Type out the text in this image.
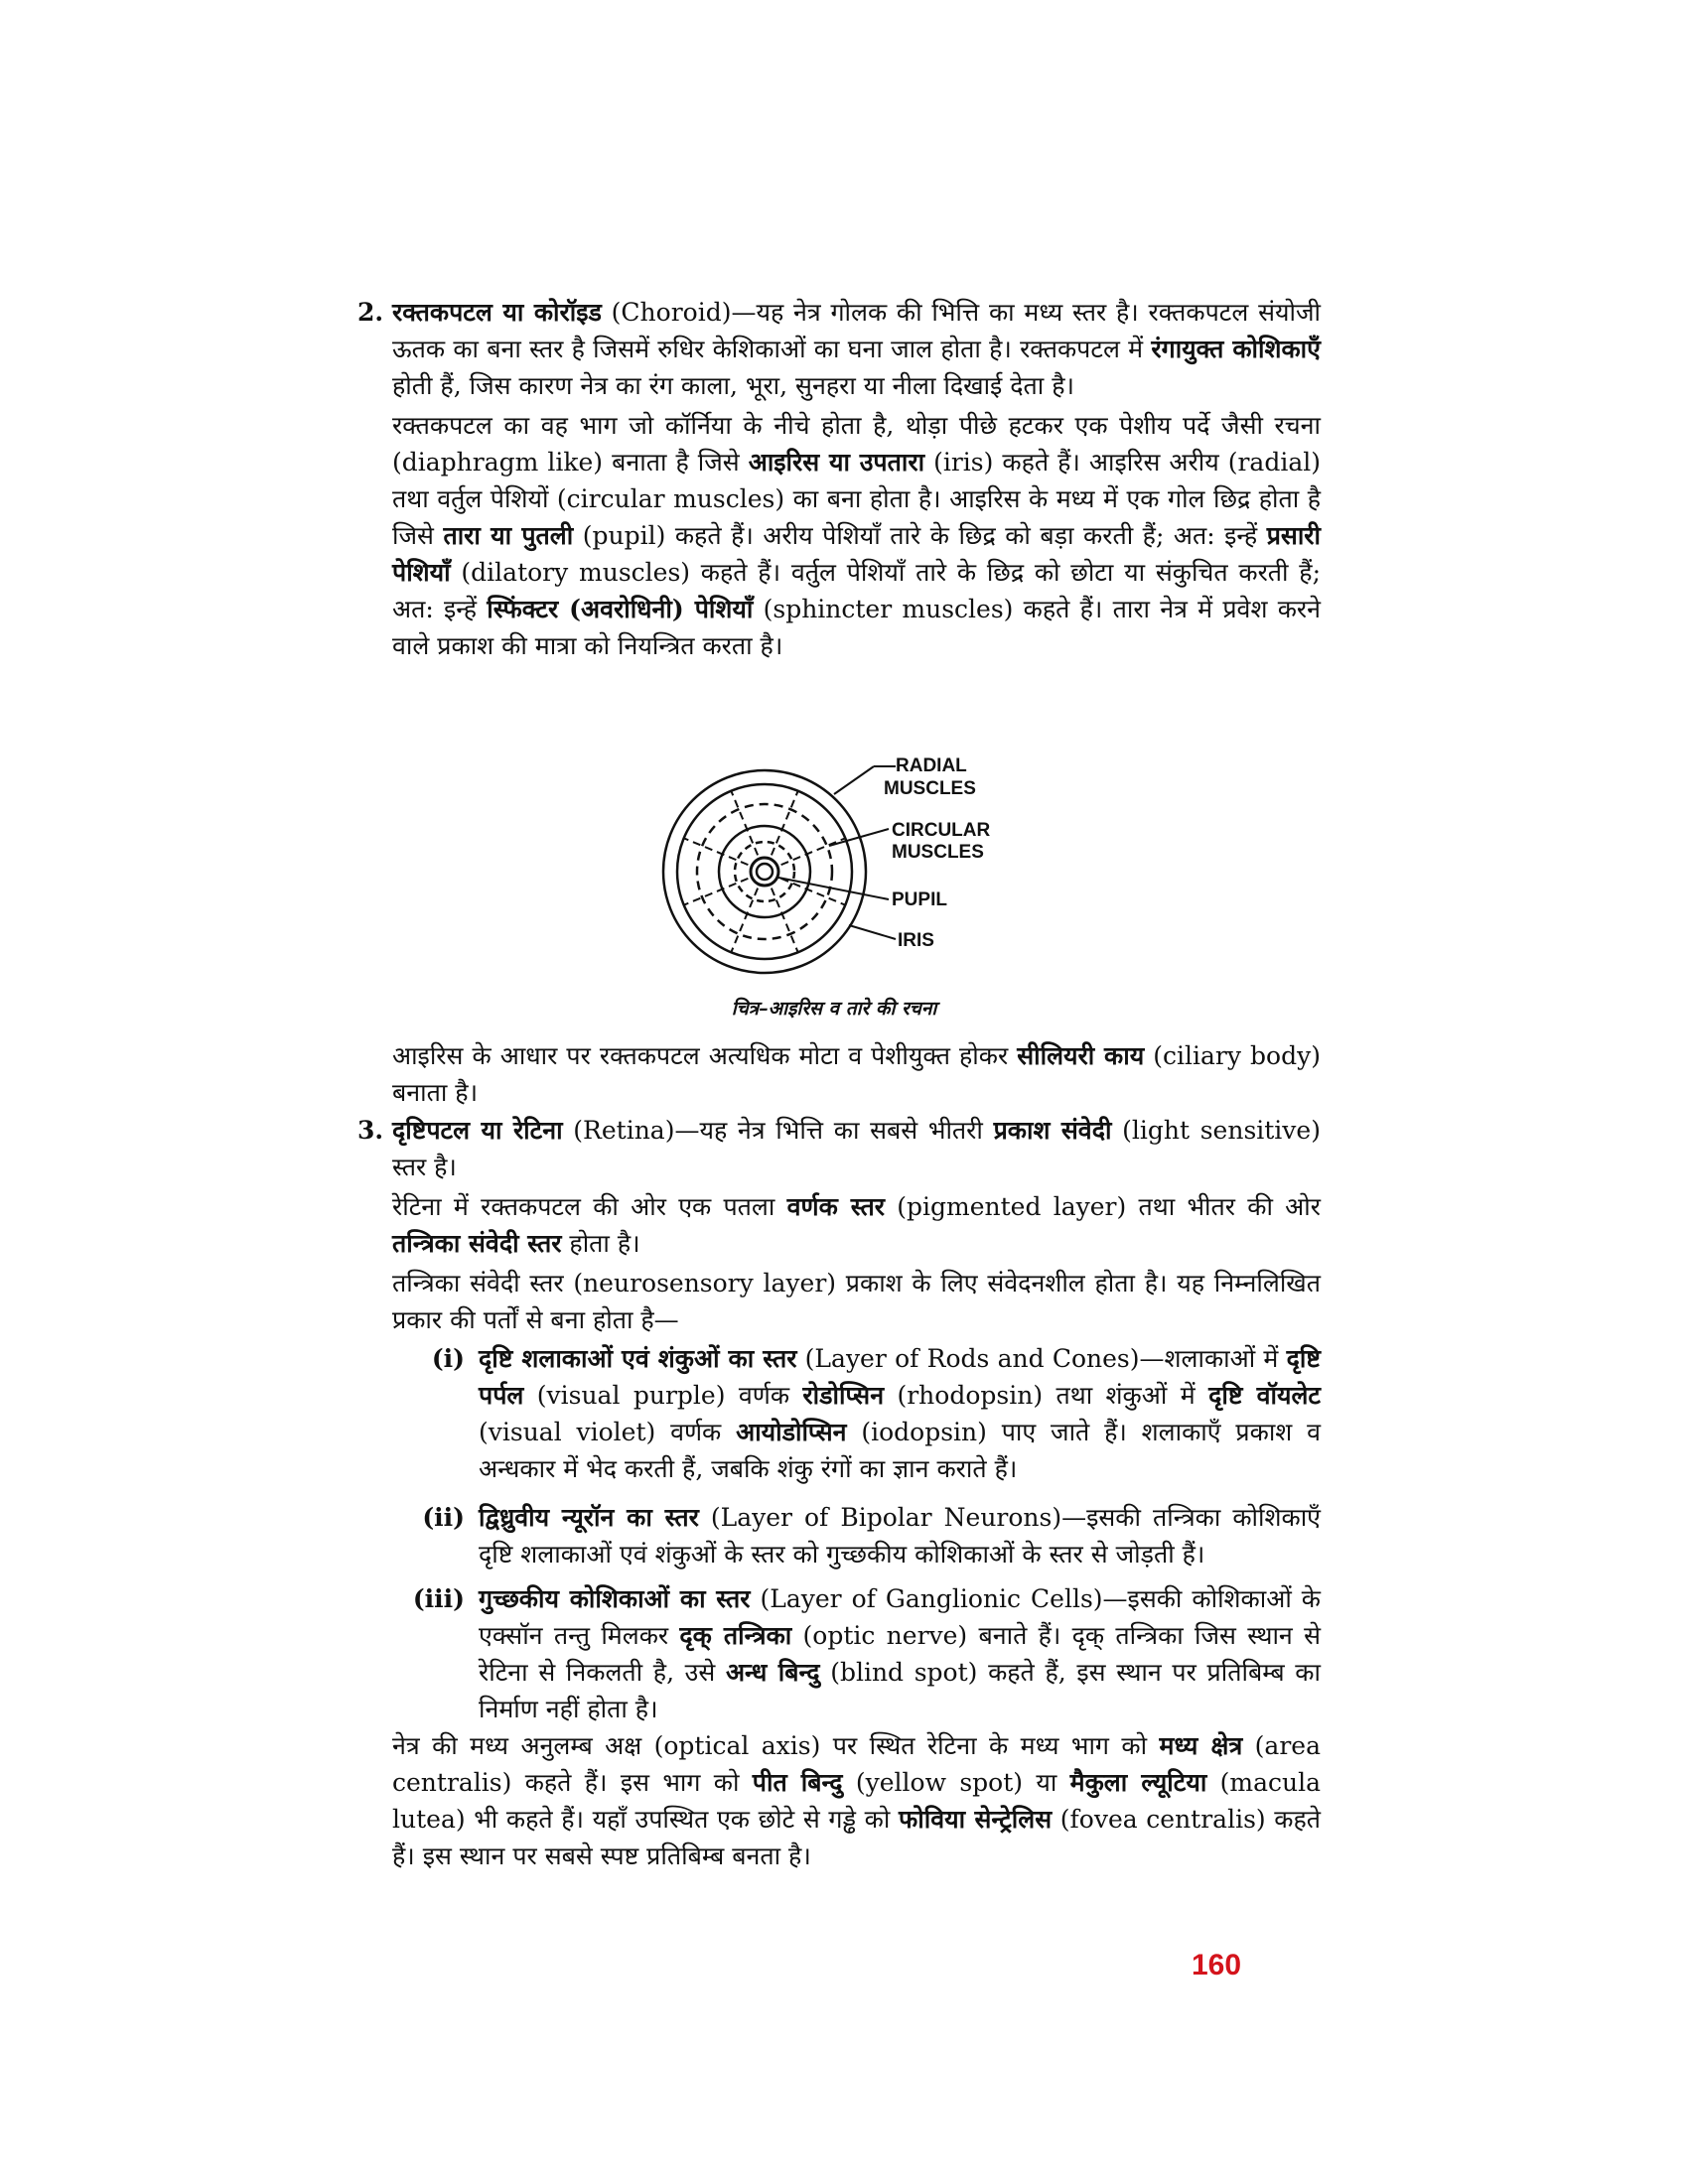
2. रक्तकपटल या कोरॉइड (Choroid)—यह नेत्र गोलक की भित्ति का मध्य स्तर है। रक्तकपटल संयोजी ऊतक का बना स्तर है जिसमें रुधिर केशिकाओं का घना जाल होता है। रक्तकपटल में रंगायुक्त कोशिकाएँ होती हैं, जिस कारण नेत्र का रंग काला, भूरा, सुनहरा या नीला दिखाई देता है।

रक्तकपटल का वह भाग जो कॉर्निया के नीचे होता है, थोड़ा पीछे हटकर एक पेशीय पर्दे जैसी रचना (diaphragm like) बनाता है जिसे आइरिस या उपतारा (iris) कहते हैं। आइरिस अरीय (radial) तथा वर्तुल पेशियों (circular muscles) का बना होता है। आइरिस के मध्य में एक गोल छिद्र होता है जिसे तारा या पुतली (pupil) कहते हैं। अरीय पेशियाँ तारे के छिद्र को बड़ा करती हैं; अत: इन्हें प्रसारी पेशियाँ (dilatory muscles) कहते हैं। वर्तुल पेशियाँ तारे के छिद्र को छोटा या संकुचित करती हैं; अत: इन्हें स्फिंक्टर (अवरोधिनी) पेशियाँ (sphincter muscles) कहते हैं। तारा नेत्र में प्रवेश करने वाले प्रकाश की मात्रा को नियन्त्रित करता है।

RADIAL
MUSCLES
CIRCULAR
MUSCLES
PUPIL
IRIS
चित्र–आइरिस व तारे की रचना

आइरिस के आधार पर रक्तकपटल अत्यधिक मोटा व पेशीयुक्त होकर सीलियरी काय (ciliary body) बनाता है।

3. दृष्टिपटल या रेटिना (Retina)—यह नेत्र भित्ति का सबसे भीतरी प्रकाश संवेदी (light sensitive) स्तर है।

रेटिना में रक्तकपटल की ओर एक पतला वर्णक स्तर (pigmented layer) तथा भीतर की ओर तन्त्रिका संवेदी स्तर होता है।

तन्त्रिका संवेदी स्तर (neurosensory layer) प्रकाश के लिए संवेदनशील होता है। यह निम्नलिखित प्रकार की पर्तों से बना होता है—

(i) दृष्टि शलाकाओं एवं शंकुओं का स्तर (Layer of Rods and Cones)—शलाकाओं में दृष्टि पर्पल (visual purple) वर्णक रोडोप्सिन (rhodopsin) तथा शंकुओं में दृष्टि वॉयलेट (visual violet) वर्णक आयोडोप्सिन (iodopsin) पाए जाते हैं। शलाकाएँ प्रकाश व अन्धकार में भेद करती हैं, जबकि शंकु रंगों का ज्ञान कराते हैं।

(ii) द्विध्रुवीय न्यूरॉन का स्तर (Layer of Bipolar Neurons)—इसकी तन्त्रिका कोशिकाएँ दृष्टि शलाकाओं एवं शंकुओं के स्तर को गुच्छकीय कोशिकाओं के स्तर से जोड़ती हैं।

(iii) गुच्छकीय कोशिकाओं का स्तर (Layer of Ganglionic Cells)—इसकी कोशिकाओं के एक्सॉन तन्तु मिलकर दृक् तन्त्रिका (optic nerve) बनाते हैं। दृक् तन्त्रिका जिस स्थान से रेटिना से निकलती है, उसे अन्ध बिन्दु (blind spot) कहते हैं, इस स्थान पर प्रतिबिम्ब का निर्माण नहीं होता है।

नेत्र की मध्य अनुलम्ब अक्ष (optical axis) पर स्थित रेटिना के मध्य भाग को मध्य क्षेत्र (area centralis) कहते हैं। इस भाग को पीत बिन्दु (yellow spot) या मैकुला ल्यूटिया (macula lutea) भी कहते हैं। यहाँ उपस्थित एक छोटे से गड्ढे को फोविया सेन्ट्रेलिस (fovea centralis) कहते हैं। इस स्थान पर सबसे स्पष्ट प्रतिबिम्ब बनता है।

160
